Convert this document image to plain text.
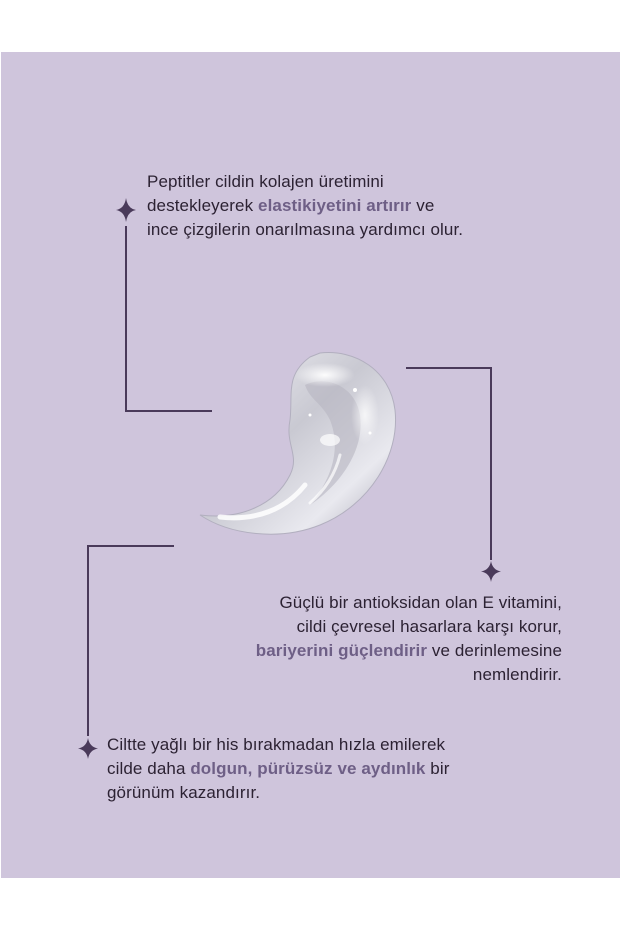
Peptitler cildin kolajen üretimini
destekleyerek elastikiyetini artırır ve
ince çizgilerin onarılmasına yardımcı olur.
Güçlü bir antioksidan olan E vitamini,
cildi çevresel hasarlara karşı korur,
bariyerini güçlendirir ve derinlemesine
nemlendirir.
Ciltte yağlı bir his bırakmadan hızla emilerek
cilde daha dolgun, pürüzsüz ve aydınlık bir
görünüm kazandırır.
